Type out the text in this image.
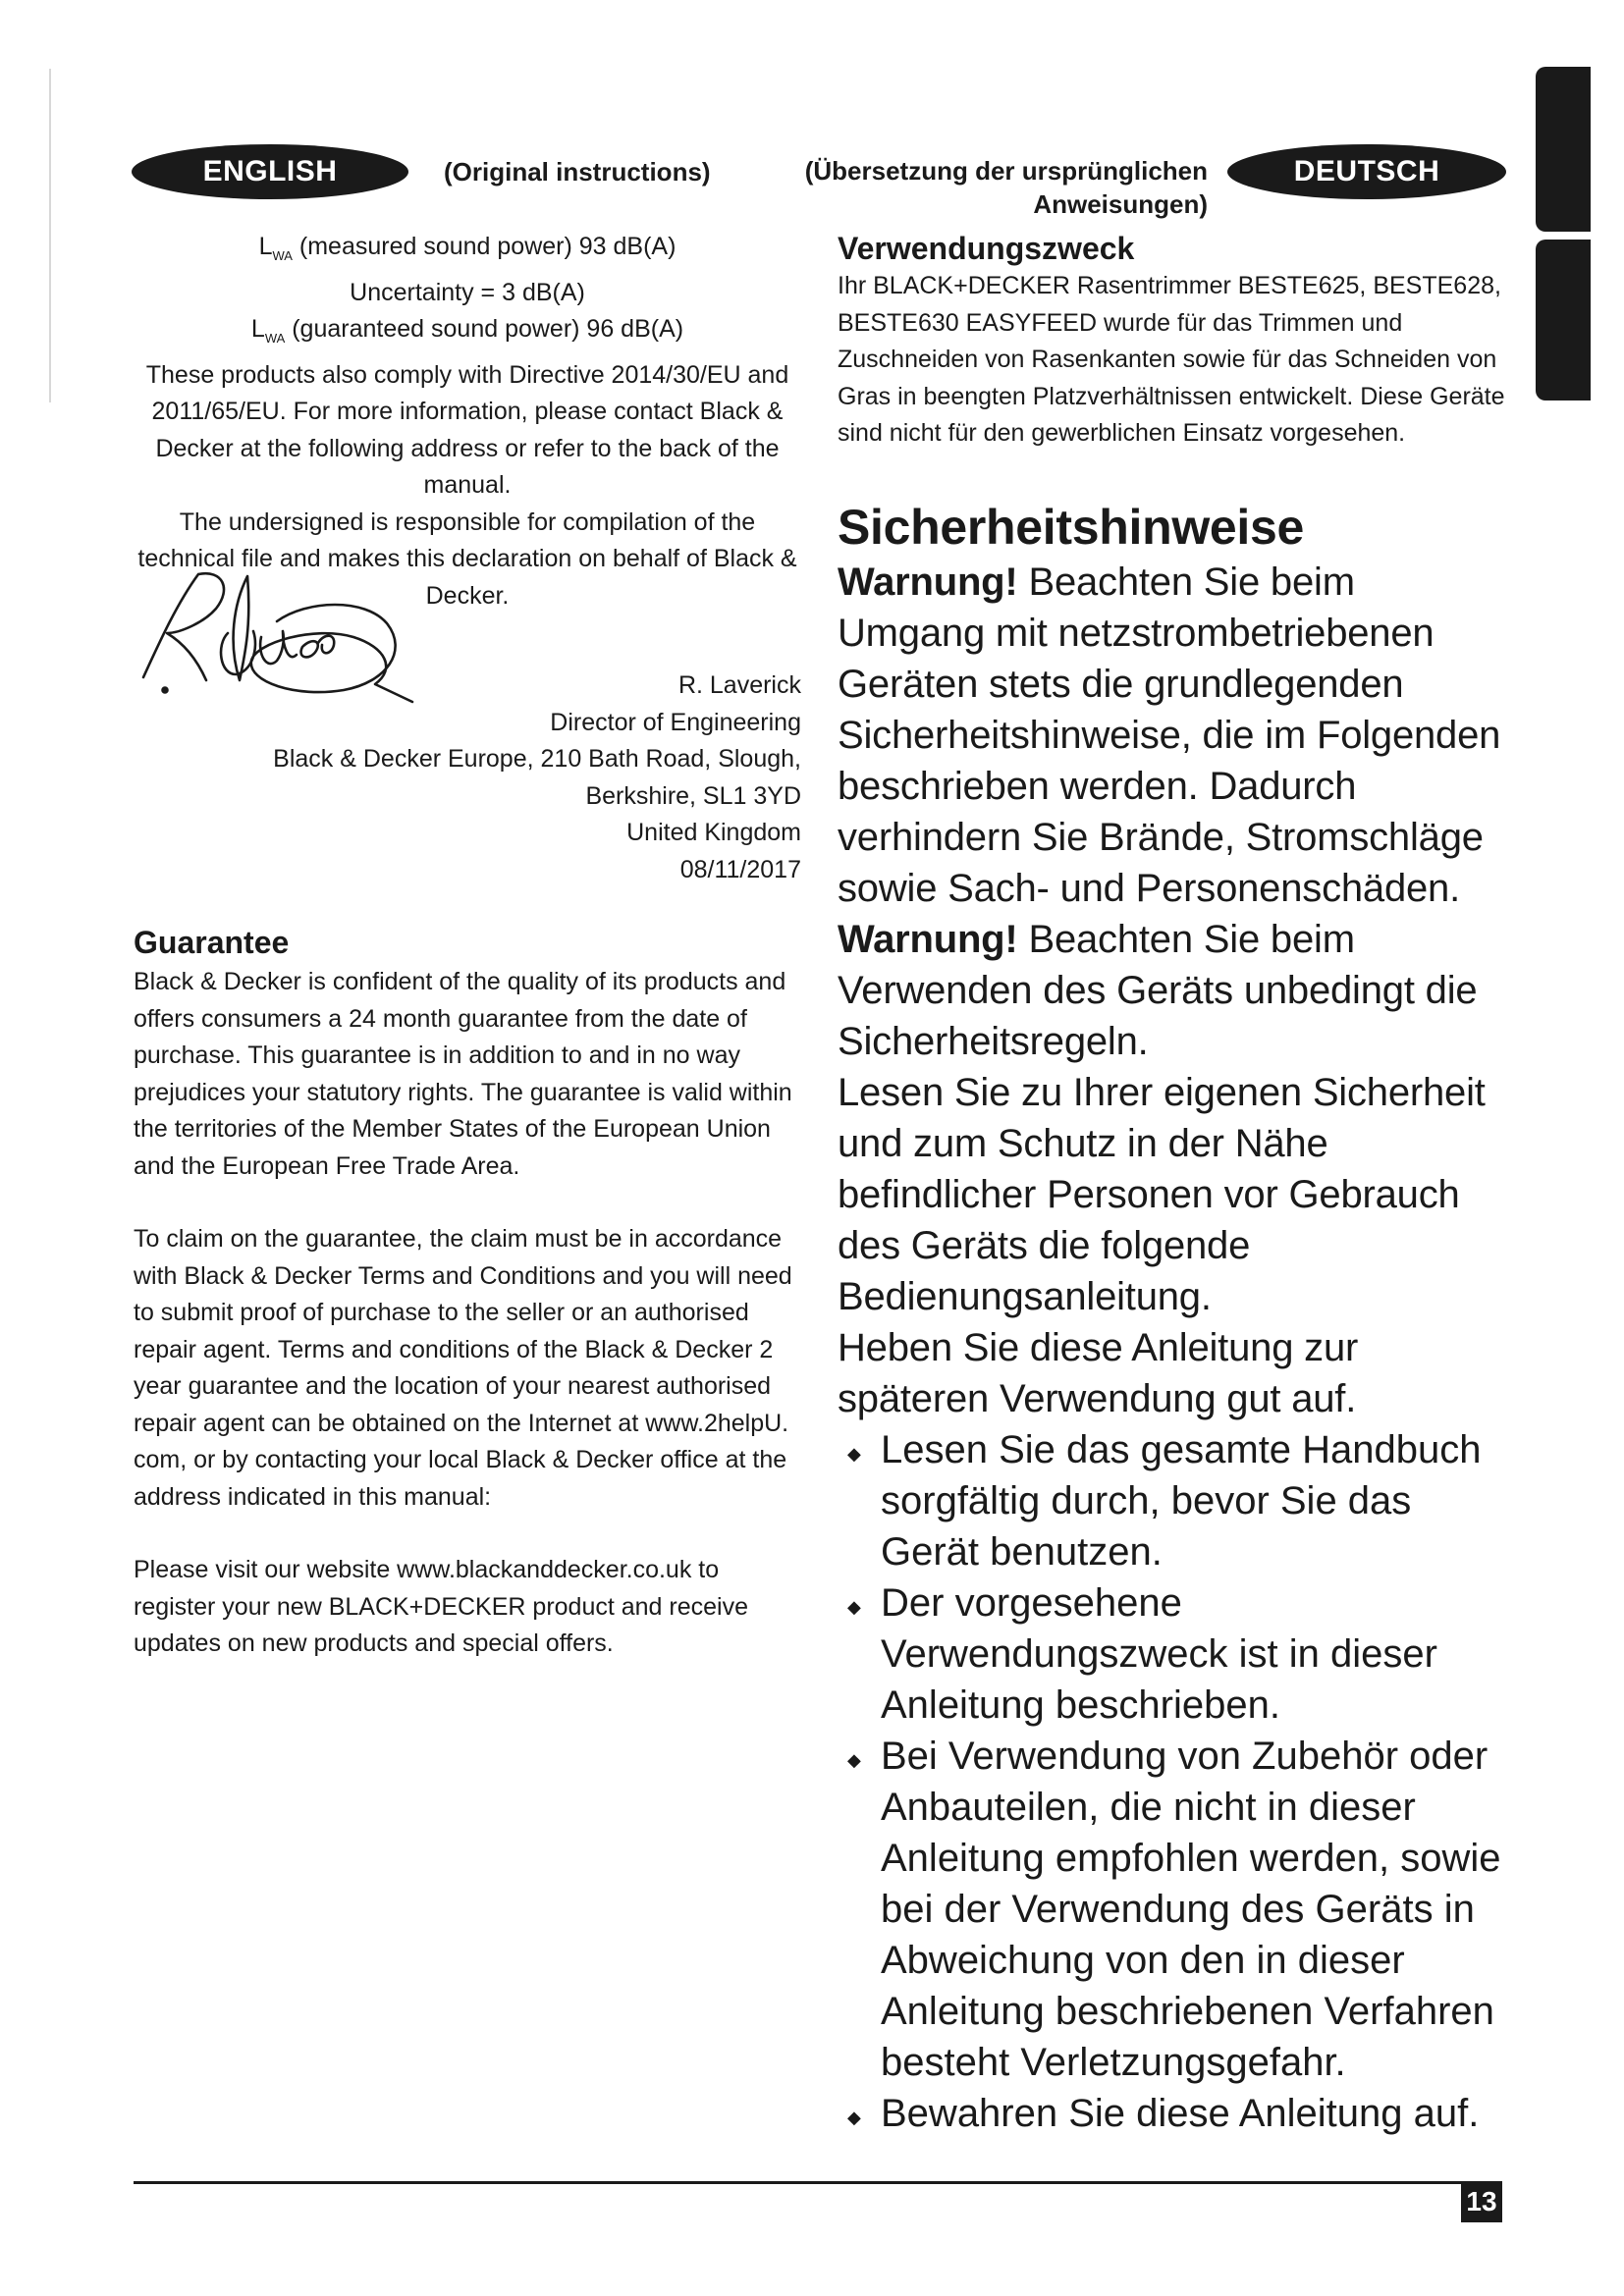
ENGLISH	(Original instructions)	(Übersetzung der ursprünglichen
Anweisungen)
DEUTSCH

$L_{WA}$ (measured sound power) 93 dB(A)

Uncertainty = 3 dB(A)

$L_{WA}$ (guaranteed sound power) 96 dB(A)

These products also comply with Directive 2014/30/EU and 2011/65/EU. For more information, please contact Black & Decker at the following address or refer to the back of the manual.

The undersigned is responsible for compilation of the technical file and makes this declaration on behalf of Black & Decker.

R. Laverick

R. Laverick

Director of Engineering

Black & Decker Europe, 210 Bath Road, Slough,

Berkshire, SL1 3YD

United Kingdom

08/11/2017

Guarantee

Black & Decker is confident of the quality of its products and offers consumers a 24 month guarantee from the date of purchase. This guarantee is in addition to and in no way prejudices your statutory rights. The guarantee is valid within the territories of the Member States of the European Union and the European Free Trade Area.

To claim on the guarantee, the claim must be in accordance with Black & Decker Terms and Conditions and you will need to submit proof of purchase to the seller or an authorised repair agent. Terms and conditions of the Black & Decker 2 year guarantee and the location of your nearest authorised repair agent can be obtained on the Internet at www.2helpU. com, or by contacting your local Black & Decker office at the address indicated in this manual:

Please visit our website www.blackanddecker.co.uk to register your new BLACK+DECKER product and receive updates on new products and special offers.

Verwendungszweck

Ihr BLACK+DECKER Rasentrimmer BESTE625, BESTE628, BESTE630 EASYFEED wurde für das Trimmen und Zuschneiden von Rasenkanten sowie für das Schneiden von Gras in beengten Platzverhältnissen entwickelt. Diese Geräte sind nicht für den gewerblichen Einsatz vorgesehen.

Sicherheitshinweise

Warnung! Beachten Sie beim Umgang mit netzstrombetriebenen Geräten stets die grundlegenden Sicherheitshinweise, die im Folgenden beschrieben werden. Dadurch verhindern Sie Brände, Stromschläge sowie Sach- und Personenschäden.

Warnung! Beachten Sie beim Verwenden des Geräts unbedingt die Sicherheitsregeln.

Lesen Sie zu Ihrer eigenen Sicherheit und zum Schutz in der Nähe befindlicher Personen vor Gebrauch des Geräts die folgende Bedienungsanleitung.

Heben Sie diese Anleitung zur späteren Verwendung gut auf.

◆ Lesen Sie das gesamte Handbuch sorgfältig durch, bevor Sie das Gerät benutzen.
◆ Der vorgesehene Verwendungszweck ist in dieser Anleitung beschrieben.
◆ Bei Verwendung von Zubehör oder Anbauteilen, die nicht in dieser Anleitung empfohlen werden, sowie bei der Verwendung des Geräts in Abweichung von den in dieser Anleitung beschriebenen Verfahren besteht Verletzungsgefahr.
◆ Bewahren Sie diese Anleitung auf.
13
